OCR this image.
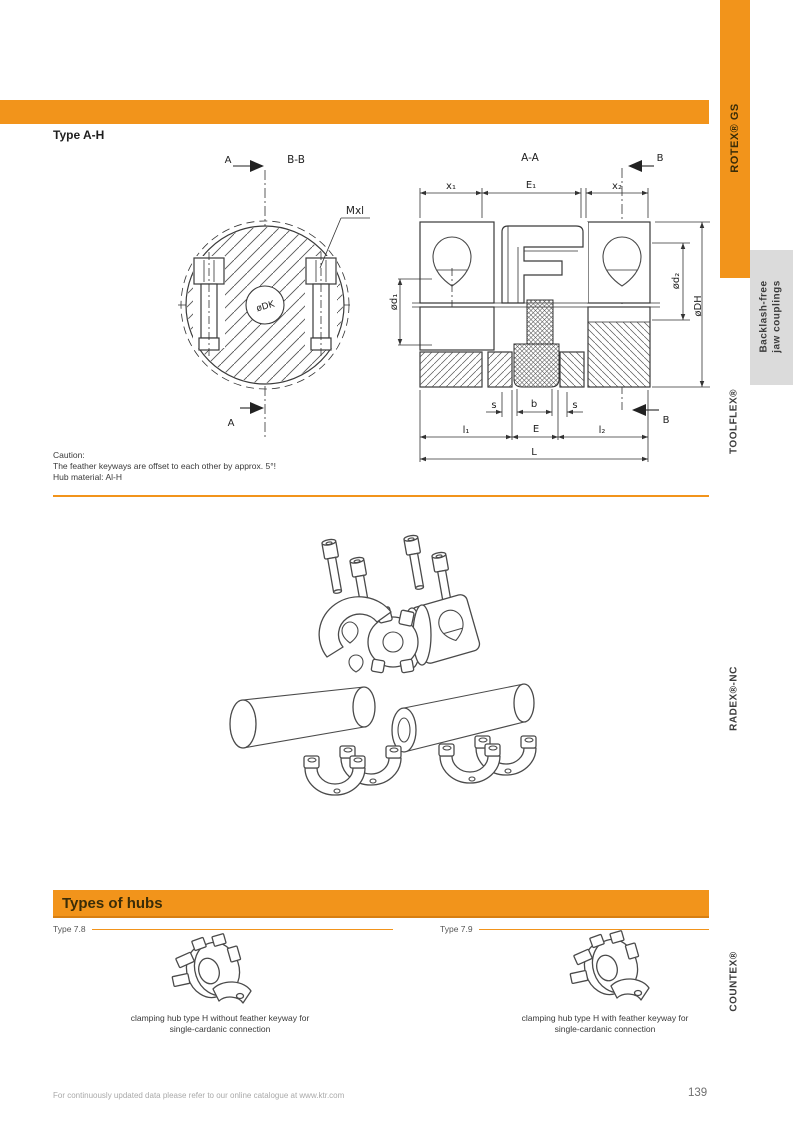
ROTEX® GS
Backlash-free jaw couplings
TOOLFLEX®
RADEX®-NC
COUNTEX®
Type A-H
øDK
Mxl
A
A
B-B	A-A	B
B
x₁	E₁	x₂
s	b	s
l₁	E	l₂
L
ød₁
ød₂
øDH
Caution:
The feather keyways are offset to each other by approx. 5°!
Hub material: Al-H
Types of hubs
Type 7.8	Type 7.9
clamping hub type H without feather keyway for
single-cardanic connection
clamping hub type H with feather keyway for
single-cardanic connection
For continuously updated data please refer to our online catalogue at www.ktr.com	139
